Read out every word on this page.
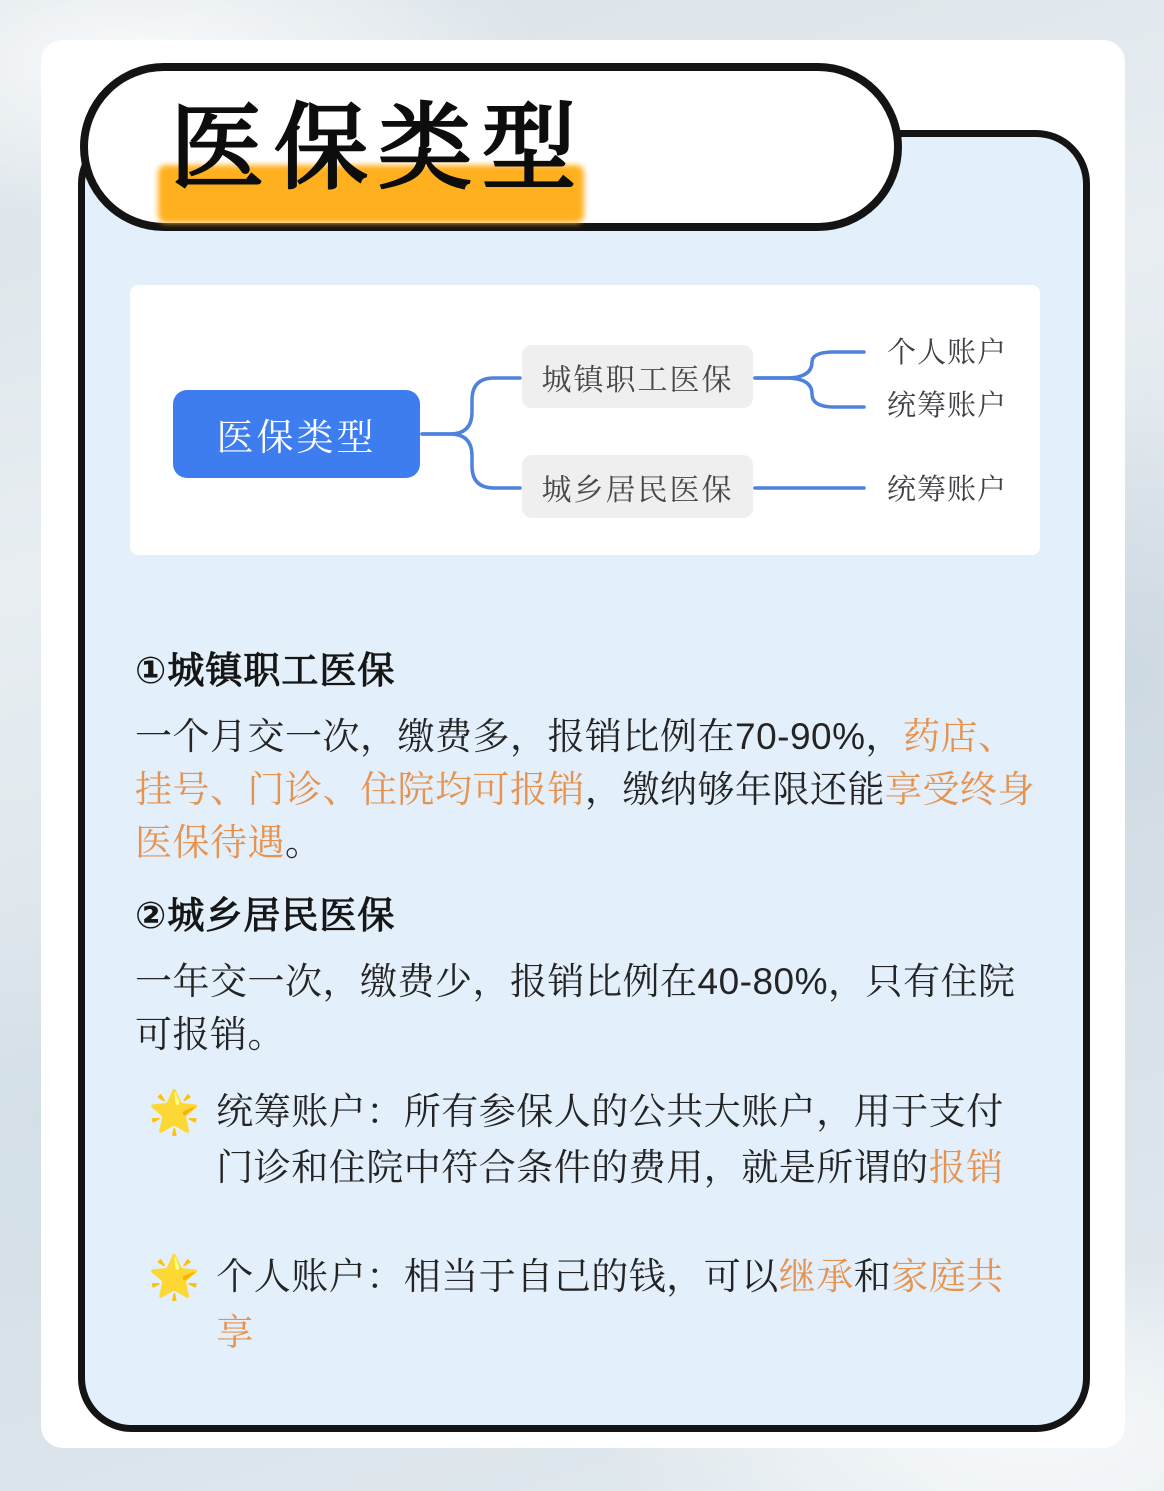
医保类型
城镇职工医保
城乡居民医保
个人账户
统筹账户
统筹账户
①城镇职工医保

一个月交一次，缴费多，报销比例在70-90%，药店、挂号、门诊、住院均可报销，缴纳够年限还能享受终身医保待遇。

②城乡居民医保

一年交一次，缴费少，报销比例在40-80%，只有住院可报销。

🌟 统筹账户：所有参保人的公共大账户，用于支付门诊和住院中符合条件的费用，就是所谓的报销
🌟 个人账户：相当于自己的钱，可以继承和家庭共享
医保类型
